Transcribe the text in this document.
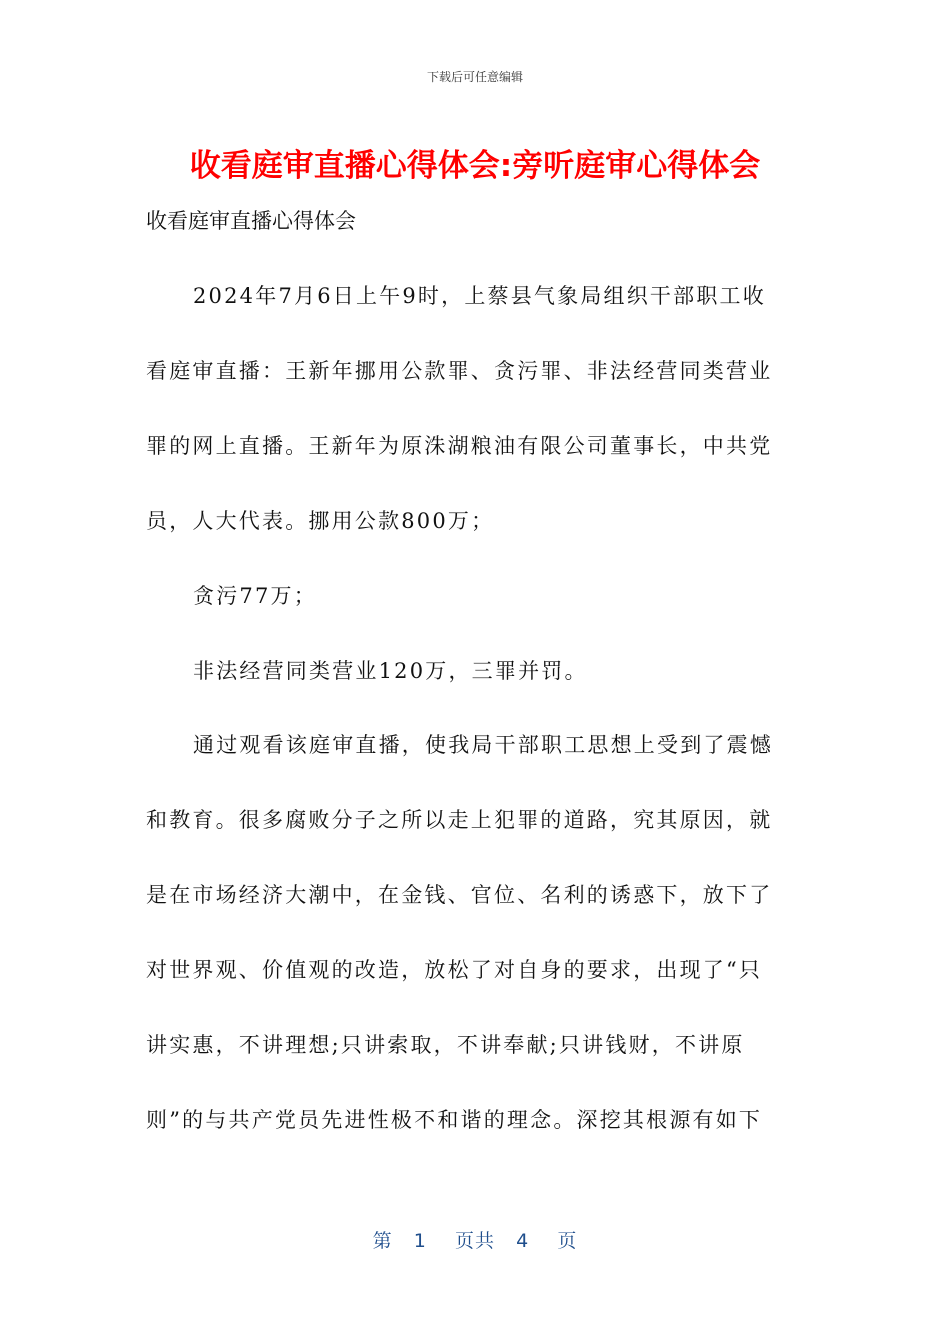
下载后可任意编辑
收看庭审直播心得体会:旁听庭审心得体会
收看庭审直播心得体会
2024年7月6日上午9时，上蔡县气象局组织干部职工收
看庭审直播：王新年挪用公款罪、贪污罪、非法经营同类营业
罪的网上直播。王新年为原洙湖粮油有限公司董事长，中共党
员，人大代表。挪用公款800万；
贪污77万；
非法经营同类营业120万，三罪并罚。
通过观看该庭审直播，使我局干部职工思想上受到了震憾
和教育。很多腐败分子之所以走上犯罪的道路，究其原因，就
是在市场经济大潮中，在金钱、官位、名利的诱惑下，放下了
对世界观、价值观的改造，放松了对自身的要求，出现了“只
讲实惠，不讲理想;只讲索取，不讲奉献;只讲钱财，不讲原
则”的与共产党员先进性极不和谐的理念。深挖其根源有如下
第 1 页共 4 页
